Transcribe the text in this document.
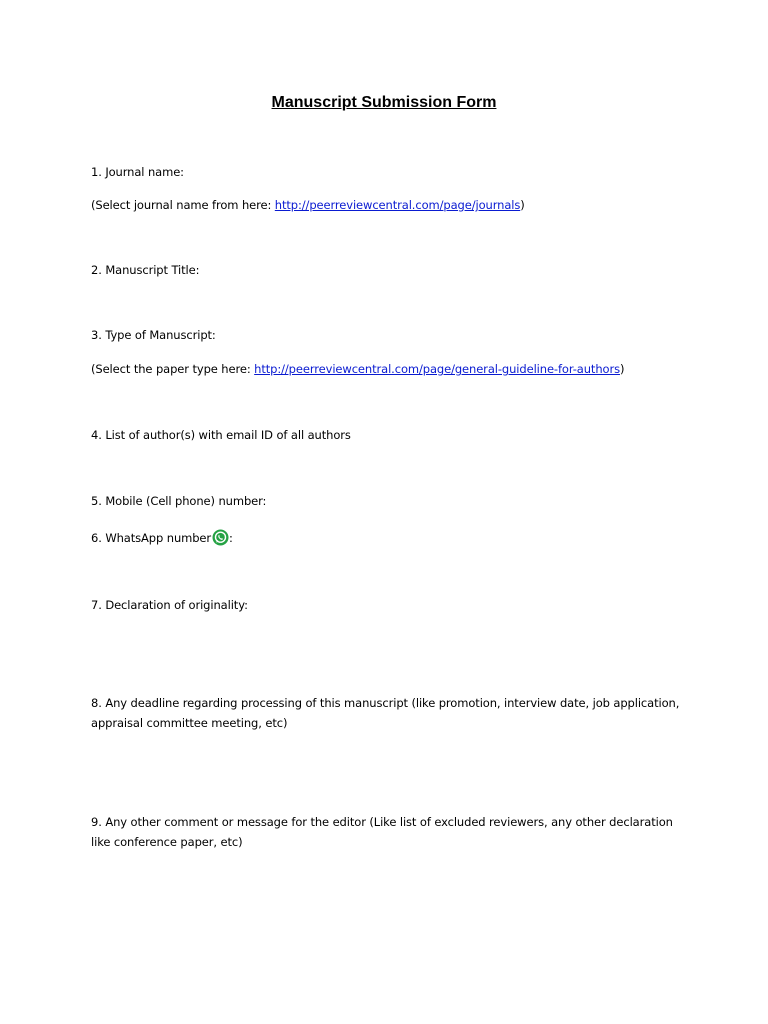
Manuscript Submission Form
1. Journal name:
(Select journal name from here: http://peerreviewcentral.com/page/journals)
2. Manuscript Title:
3. Type of Manuscript:
(Select the paper type here: http://peerreviewcentral.com/page/general-guideline-for-authors)
4. List of author(s) with email ID of all authors
5. Mobile (Cell phone) number:
6. WhatsApp number :
7. Declaration of originality:
8. Any deadline regarding processing of this manuscript (like promotion, interview date, job application, appraisal committee meeting, etc)
9. Any other comment or message for the editor (Like list of excluded reviewers, any other declaration like conference paper, etc)
